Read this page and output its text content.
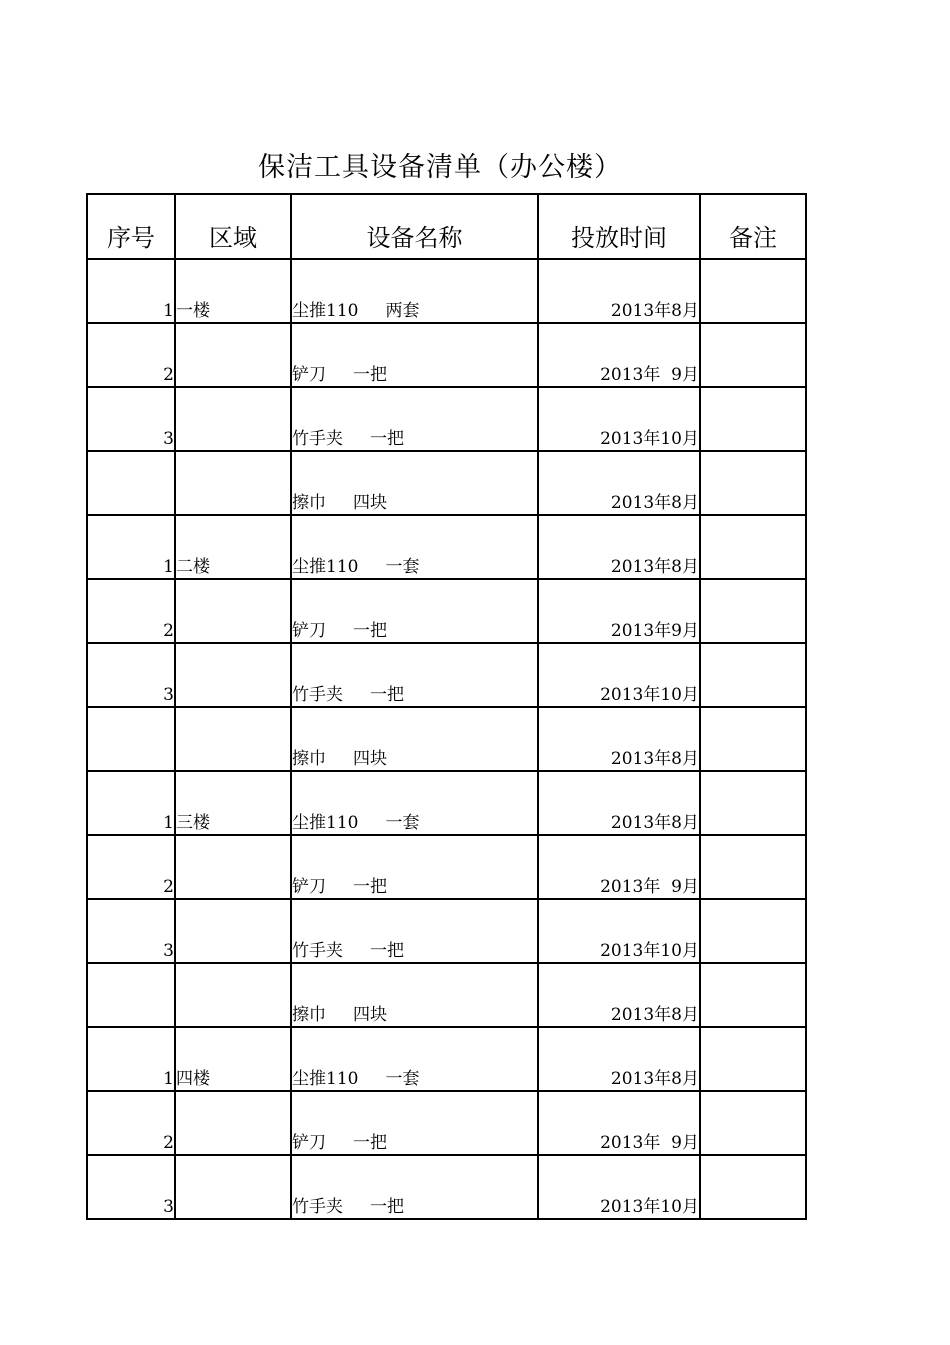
保洁工具设备清单（办公楼）
序号	区域	设备名称	投放时间	备注
1	一楼	尘推110     两套	2013年8月	
2		铲刀     一把	2013年  9月	
3		竹手夹     一把	2013年10月	
		擦巾     四块	2013年8月	
1	二楼	尘推110     一套	2013年8月	
2		铲刀     一把	2013年9月	
3		竹手夹     一把	2013年10月	
		擦巾     四块	2013年8月	
1	三楼	尘推110     一套	2013年8月	
2		铲刀     一把	2013年  9月	
3		竹手夹     一把	2013年10月	
		擦巾     四块	2013年8月	
1	四楼	尘推110     一套	2013年8月	
2		铲刀     一把	2013年  9月	
3		竹手夹     一把	2013年10月	
